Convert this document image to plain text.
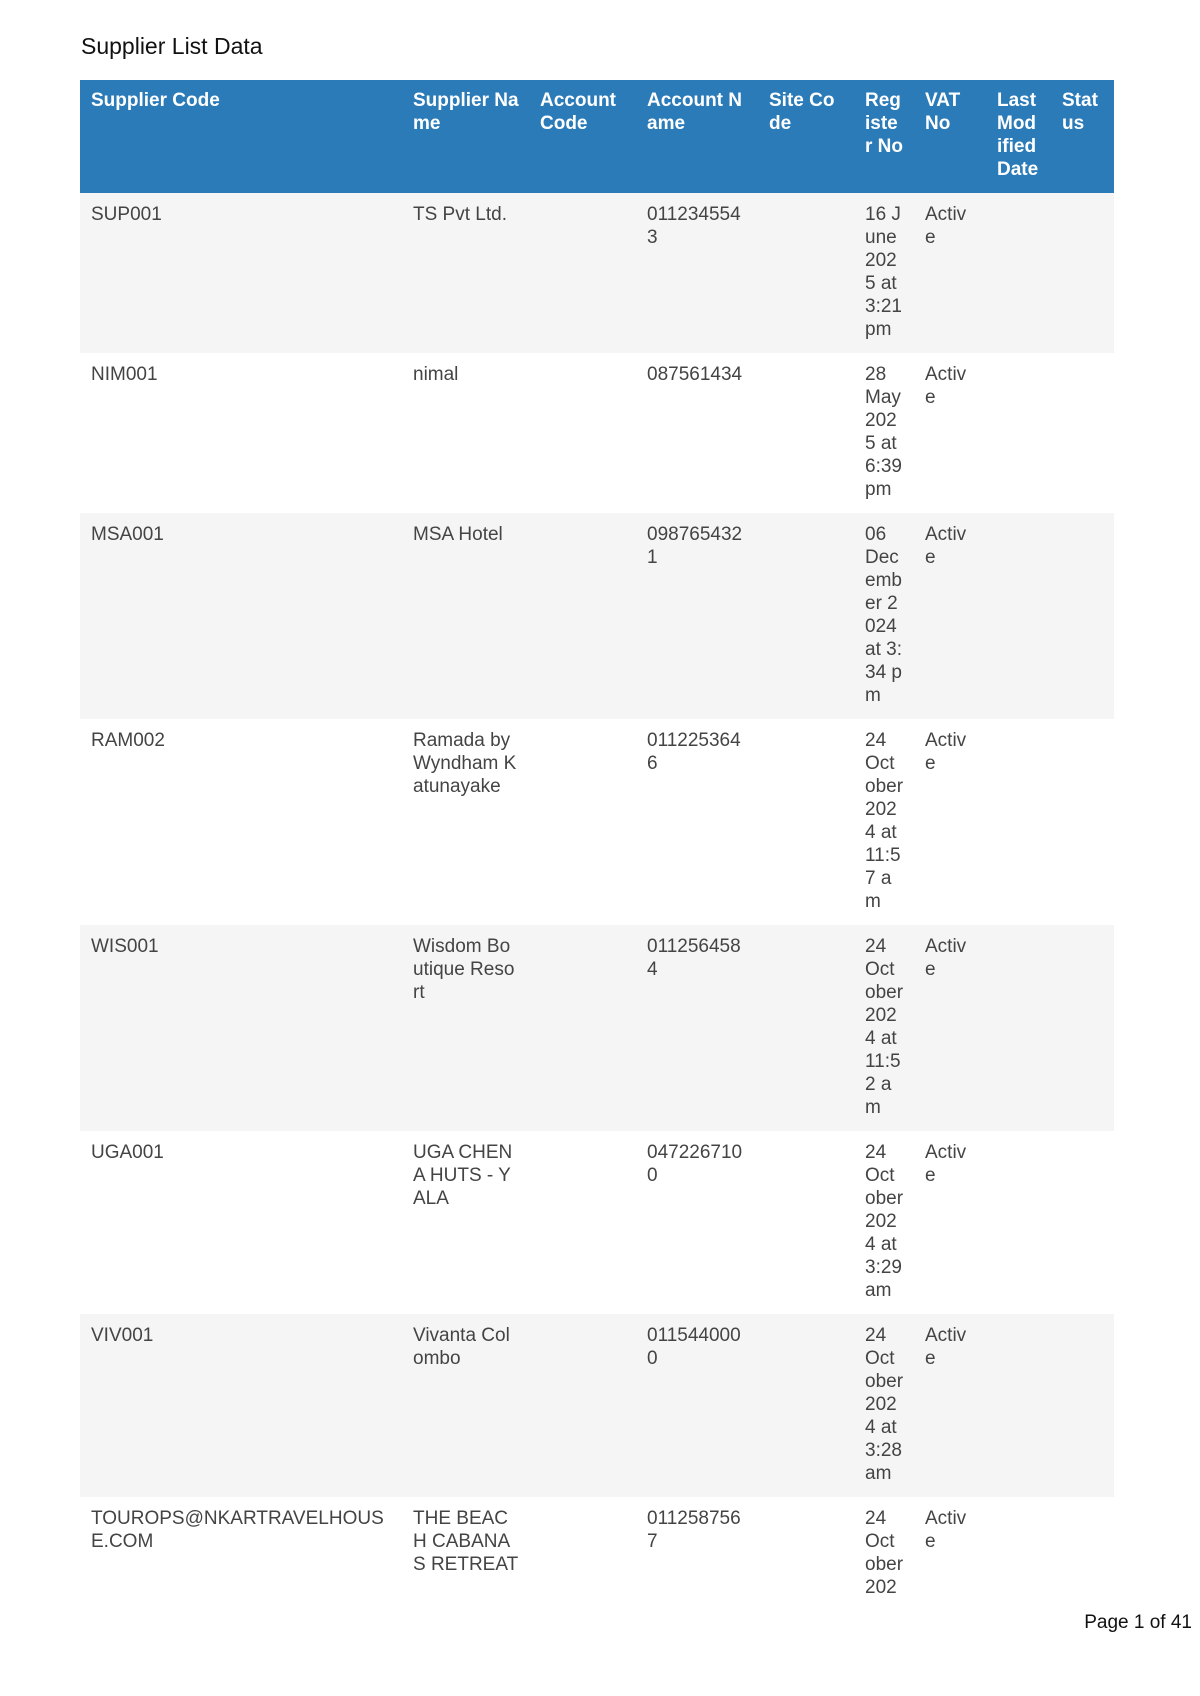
Supplier List Data
Supplier Code	Supplier Name	Account Code	Account Name	Site Code	Register No	VAT No	Last Modified Date	Status
SUP001	TS Pvt Ltd.		0112345543		16 June 2025 at 3:21 pm	Active		
NIM001	nimal		087561434		28 May 2025 at 6:39 pm	Active		
MSA001	MSA Hotel		0987654321		06 December 2024 at 3:34 pm	Active		
RAM002	Ramada by Wyndham Katunayake		0112253646		24 October 2024 at 11:57 am	Active		
WIS001	Wisdom Boutique Resort		0112564584		24 October 2024 at 11:52 am	Active		
UGA001	UGA CHENA HUTS - YALA		0472267100		24 October 2024 at 3:29 am	Active		
VIV001	Vivanta Colombo		0115440000		24 October 2024 at 3:28 am	Active		
TOUROPS@NKARTRAVELHOUSE.COM	THE BEACH CABANAS RETREAT		0112587567		24 October 202	Active		
Page 1 of 41
